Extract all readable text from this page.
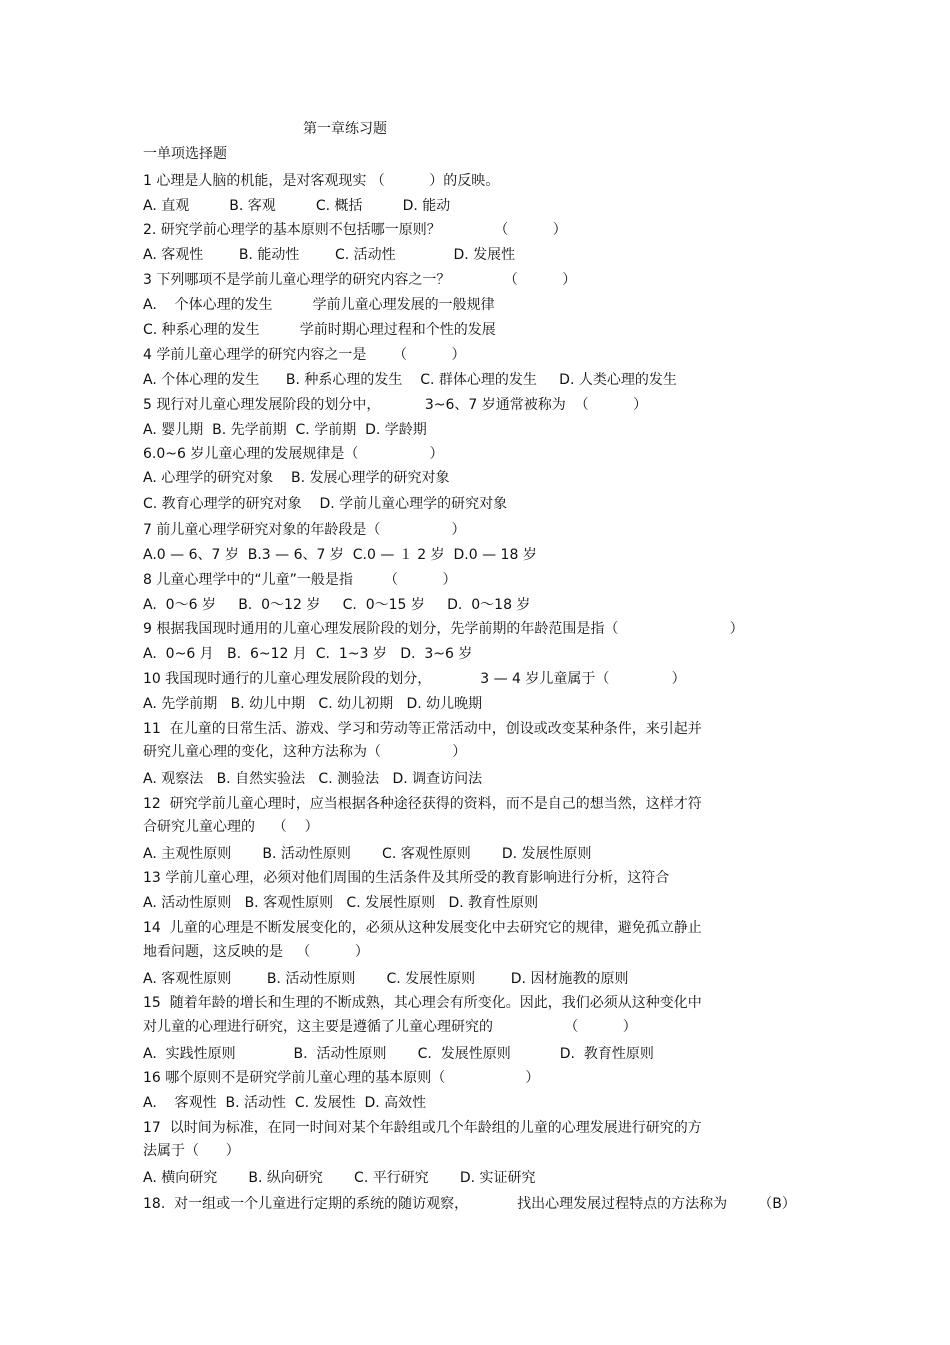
第一章练习题
一单项选择题
1 心理是人脑的机能，是对客观现实 （          ）的反映。
A. 直观         B. 客观         C. 概括         D. 能动
2. 研究学前心理学的基本原则不包括哪一原则？            （          ）
A. 客观性        B. 能动性        C. 活动性             D. 发展性
3 下列哪项不是学前儿童心理学的研究内容之一？            （          ）
A.    个体心理的发生         学前儿童心理发展的一般规律
C. 种系心理的发生         学前时期心理过程和个性的发展
4 学前儿童心理学的研究内容之一是      （          ）
A. 个体心理的发生      B. 种系心理的发生    C. 群体心理的发生     D. 人类心理的发生
5 现行对儿童心理发展阶段的划分中，          3~6、7 岁通常被称为  （          ）
A. 婴儿期  B. 先学前期  C. 学前期  D. 学龄期
6.0~6 岁儿童心理的发展规律是（                ）
A. 心理学的研究对象    B. 发展心理学的研究对象
C. 教育心理学的研究对象    D. 学前儿童心理学的研究对象
7 前儿童心理学研究对象的年龄段是（                ）
A.0 — 6、7 岁  B.3 — 6、7 岁  C.0 — １ 2 岁  D.0 — 18 岁
8 儿童心理学中的“儿童”一般是指       （          ）
A.  0～6 岁     B.  0～12 岁     C.  0～15 岁     D.  0～18 岁
9 根据我国现时通用的儿童心理发展阶段的划分，先学前期的年龄范围是指（                         ）
A.  0~6 月   B.  6~12 月  C.  1~3 岁   D.  3~6 岁
10 我国现时通行的儿童心理发展阶段的划分，           3 — 4 岁儿童属于（              ）
A. 先学前期   B. 幼儿中期   C. 幼儿初期   D. 幼儿晚期
11  在儿童的日常生活、游戏、学习和劳动等正常活动中，创设或改变某种条件，来引起并
研究儿童心理的变化，这种方法称为（                ）
A. 观察法   B. 自然实验法   C. 测验法   D. 调查访问法
12  研究学前儿童心理时，应当根据各种途径获得的资料，而不是自己的想当然，这样才符
合研究儿童心理的    （    ）
A. 主观性原则       B. 活动性原则       C. 客观性原则       D. 发展性原则
13 学前儿童心理，必须对他们周围的生活条件及其所受的教育影响进行分析，这符合
A. 活动性原则   B. 客观性原则   C. 发展性原则   D. 教育性原则
14  儿童的心理是不断发展变化的，必须从这种发展变化中去研究它的规律，避免孤立静止
地看问题，这反映的是   （          ）
A. 客观性原则        B. 活动性原则       C. 发展性原则        D. 因材施教的原则
15  随着年龄的增长和生理的不断成熟，其心理会有所变化。因此，我们必须从这种变化中
对儿童的心理进行研究，这主要是遵循了儿童心理研究的                （          ）
A.  实践性原则             B.  活动性原则       C.  发展性原则           D.  教育性原则
16 哪个原则不是研究学前儿童心理的基本原则（                  ）
A.    客观性  B. 活动性  C. 发展性  D. 高效性
17  以时间为标准，在同一时间对某个年龄组或几个年龄组的儿童的心理发展进行研究的方
法属于（      ）
A. 横向研究       B. 纵向研究       C. 平行研究       D. 实证研究
18.  对一组或一个儿童进行定期的系统的随访观察，           找出心理发展过程特点的方法称为       （B）
